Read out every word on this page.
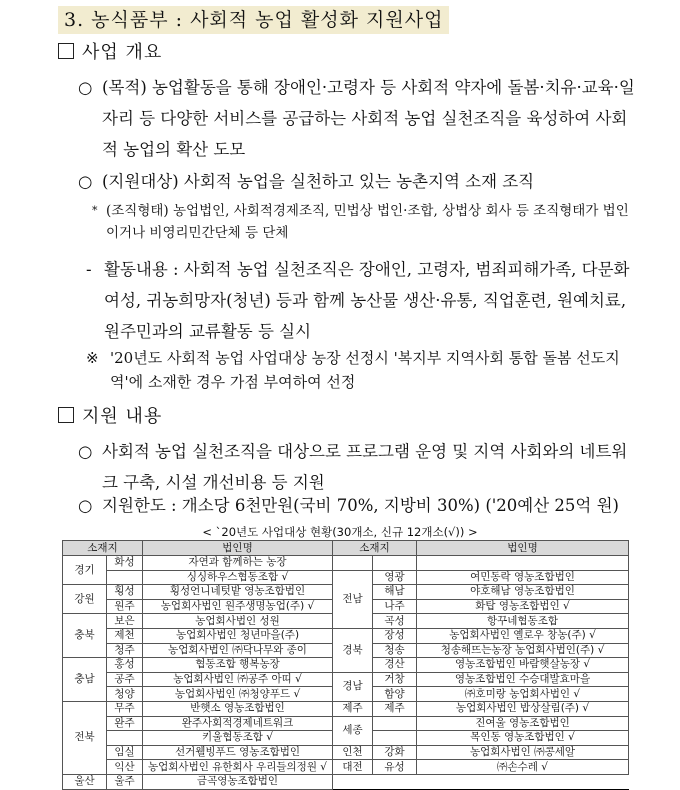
3. 농식품부 : 사회적 농업 활성화 지원사업
사업 개요
○ (목적) 농업활동을 통해 장애인·고령자 등 사회적 약자에 돌봄·치유·교육·일자리 등 다양한 서비스를 공급하는 사회적 농업 실천조직을 육성하여 사회적 농업의 확산 도모
○ (지원대상) 사회적 농업을 실천하고 있는 농촌지역 소재 조직
* (조직형태) 농업법인, 사회적경제조직, 민법상 법인·조합, 상법상 회사 등 조직형태가 법인이거나 비영리민간단체 등 단체
- 활동내용 : 사회적 농업 실천조직은 장애인, 고령자, 범죄피해가족, 다문화여성, 귀농희망자(청년) 등과 함께 농산물 생산·유통, 직업훈련, 원예치료, 원주민과의 교류활동 등 실시
※ '20년도 사회적 농업 사업대상 농장 선정시 '복지부 지역사회 통합 돌봄 선도지역'에 소재한 경우 가점 부여하여 선정
지원 내용
○ 사회적 농업 실천조직을 대상으로 프로그램 운영 및 지역 사회와의 네트워크 구축, 시설 개선비용 등 지원
○ 지원한도 : 개소당 6천만원(국비 70%, 지방비 30%) ('20예산 25억 원)
< `20년도 사업대상 현황(30개소, 신규 12개소(√)) >
소재지		법인명	소재지		법인명
경기	화성	자연과 함께하는 농장			
		싱싱하우스협동조합 √	전남	영광	여민동락 영농조합법인
강원	횡성	횡성언니네텃밭 영농조합법인		해남	야호해남 영농조합법인
	원주	농업회사법인 원주생명농업(주) √		나주	화탑 영농조합법인 √
충북	보은	농업회사법인 성원		곡성	항꾸네협동조합
	제천	농업회사법인 청년마을(주)	경북	장성	농업회사법인 옐로우 창농(주) √
	청주	농업회사법인 ㈜닥나무와 종이		청송	청송해뜨는농장 농업회사법인(주) √
충남	홍성	협동조합 행복농장		경산	영농조합법인 바람햇살농장 √
	공주	농업회사법인 ㈜공주 아띠 √	경남	거창	영농조합법인 수승대발효마을
	청양	농업회사법인 ㈜청양푸드 √		함양	㈜호미랑 농업회사법인 √
전북	무주	반햇소 영농조합법인	제주	제주	농업회사법인 밥상살림(주) √
	완주	완주사회적경제네트워크	세종		진여울 영농조합법인
		키울협동조합 √			목인동 영농조합법인 √
	임실	선거웰빙푸드 영농조합법인	인천	강화	농업회사법인 ㈜콩세알
	익산	농업회사법인 유한회사 우리들의정원 √	대전	유성	㈜손수레 √
울산	울주	금곡영농조합법인			
